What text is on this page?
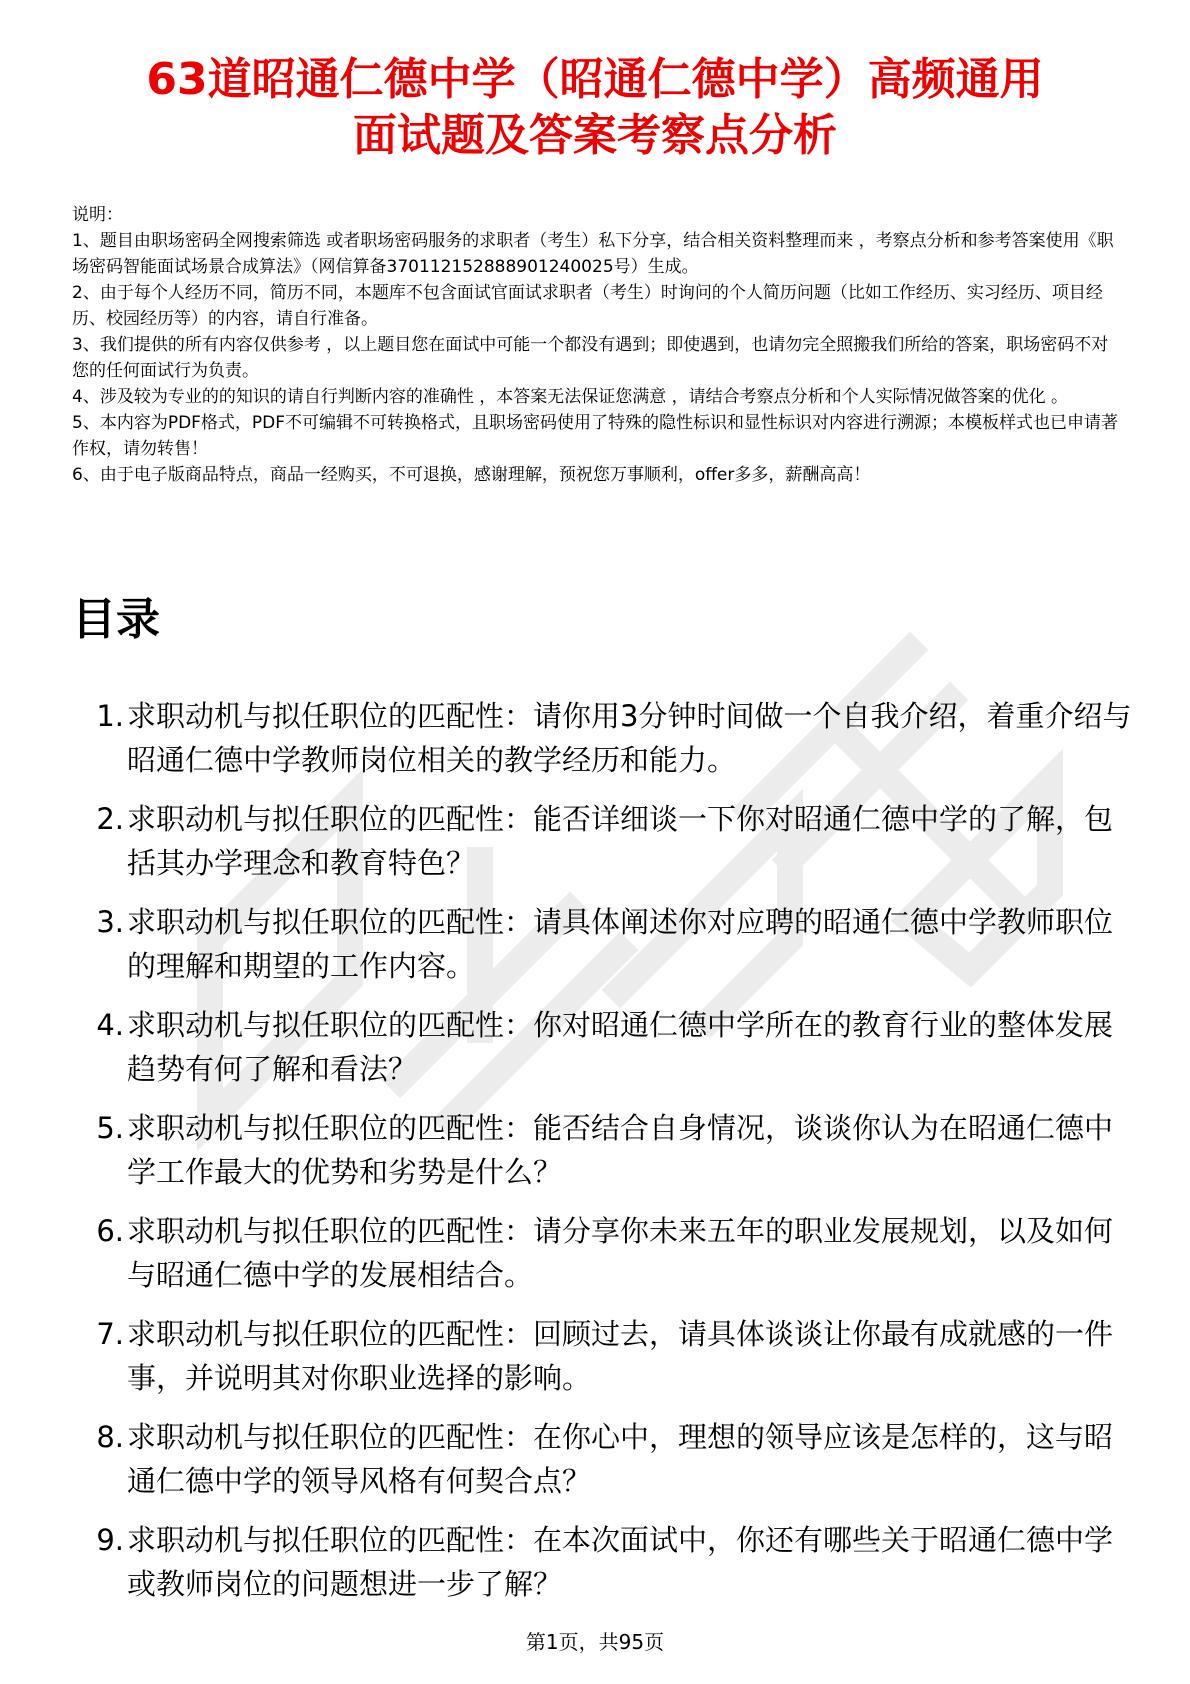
63道昭通仁德中学（昭通仁德中学）高频通用
面试题及答案考察点分析

说明：

1、题目由职场密码全网搜索筛选 或者职场密码服务的求职者（考生）私下分享，结合相关资料整理而来 ，考察点分析和参考答案使用《职场密码智能面试场景合成算法》（网信算备370112152888901240025号）生成。

2、由于每个人经历不同，简历不同，本题库不包含面试官面试求职者（考生）时询问的个人简历问题（比如工作经历、实习经历、项目经历、校园经历等）的内容，请自行准备。

3、我们提供的所有内容仅供参考 ，以上题目您在面试中可能一个都没有遇到；即使遇到，也请勿完全照搬我们所给的答案，职场密码不对您的任何面试行为负责。

4、涉及较为专业的的知识的请自行判断内容的准确性 ，本答案无法保证您满意 ，请结合考察点分析和个人实际情况做答案的优化 。

5、本内容为PDF格式，PDF不可编辑不可转换格式，且职场密码使用了特殊的隐性标识和显性标识对内容进行溯源；本模板样式也已申请著作权，请勿转售！

6、由于电子版商品特点，商品一经购买，不可退换，感谢理解，预祝您万事顺利，offer多多，薪酬高高！

目录
1. 求职动机与拟任职位的匹配性：请你用3分钟时间做一个自我介绍，着重介绍与昭通仁德中学教师岗位相关的教学经历和能力。
2. 求职动机与拟任职位的匹配性：能否详细谈一下你对昭通仁德中学的了解，包括其办学理念和教育特色？
3. 求职动机与拟任职位的匹配性：请具体阐述你对应聘的昭通仁德中学教师职位的理解和期望的工作内容。
4. 求职动机与拟任职位的匹配性：你对昭通仁德中学所在的教育行业的整体发展趋势有何了解和看法？
5. 求职动机与拟任职位的匹配性：能否结合自身情况，谈谈你认为在昭通仁德中学工作最大的优势和劣势是什么？
6. 求职动机与拟任职位的匹配性：请分享你未来五年的职业发展规划，以及如何与昭通仁德中学的发展相结合。
7. 求职动机与拟任职位的匹配性：回顾过去，请具体谈谈让你最有成就感的一件事，并说明其对你职业选择的影响。
8. 求职动机与拟任职位的匹配性：在你心中，理想的领导应该是怎样的，这与昭通仁德中学的领导风格有何契合点？
9. 求职动机与拟任职位的匹配性：在本次面试中，你还有哪些关于昭通仁德中学或教师岗位的问题想进一步了解？
第1页，共95页
